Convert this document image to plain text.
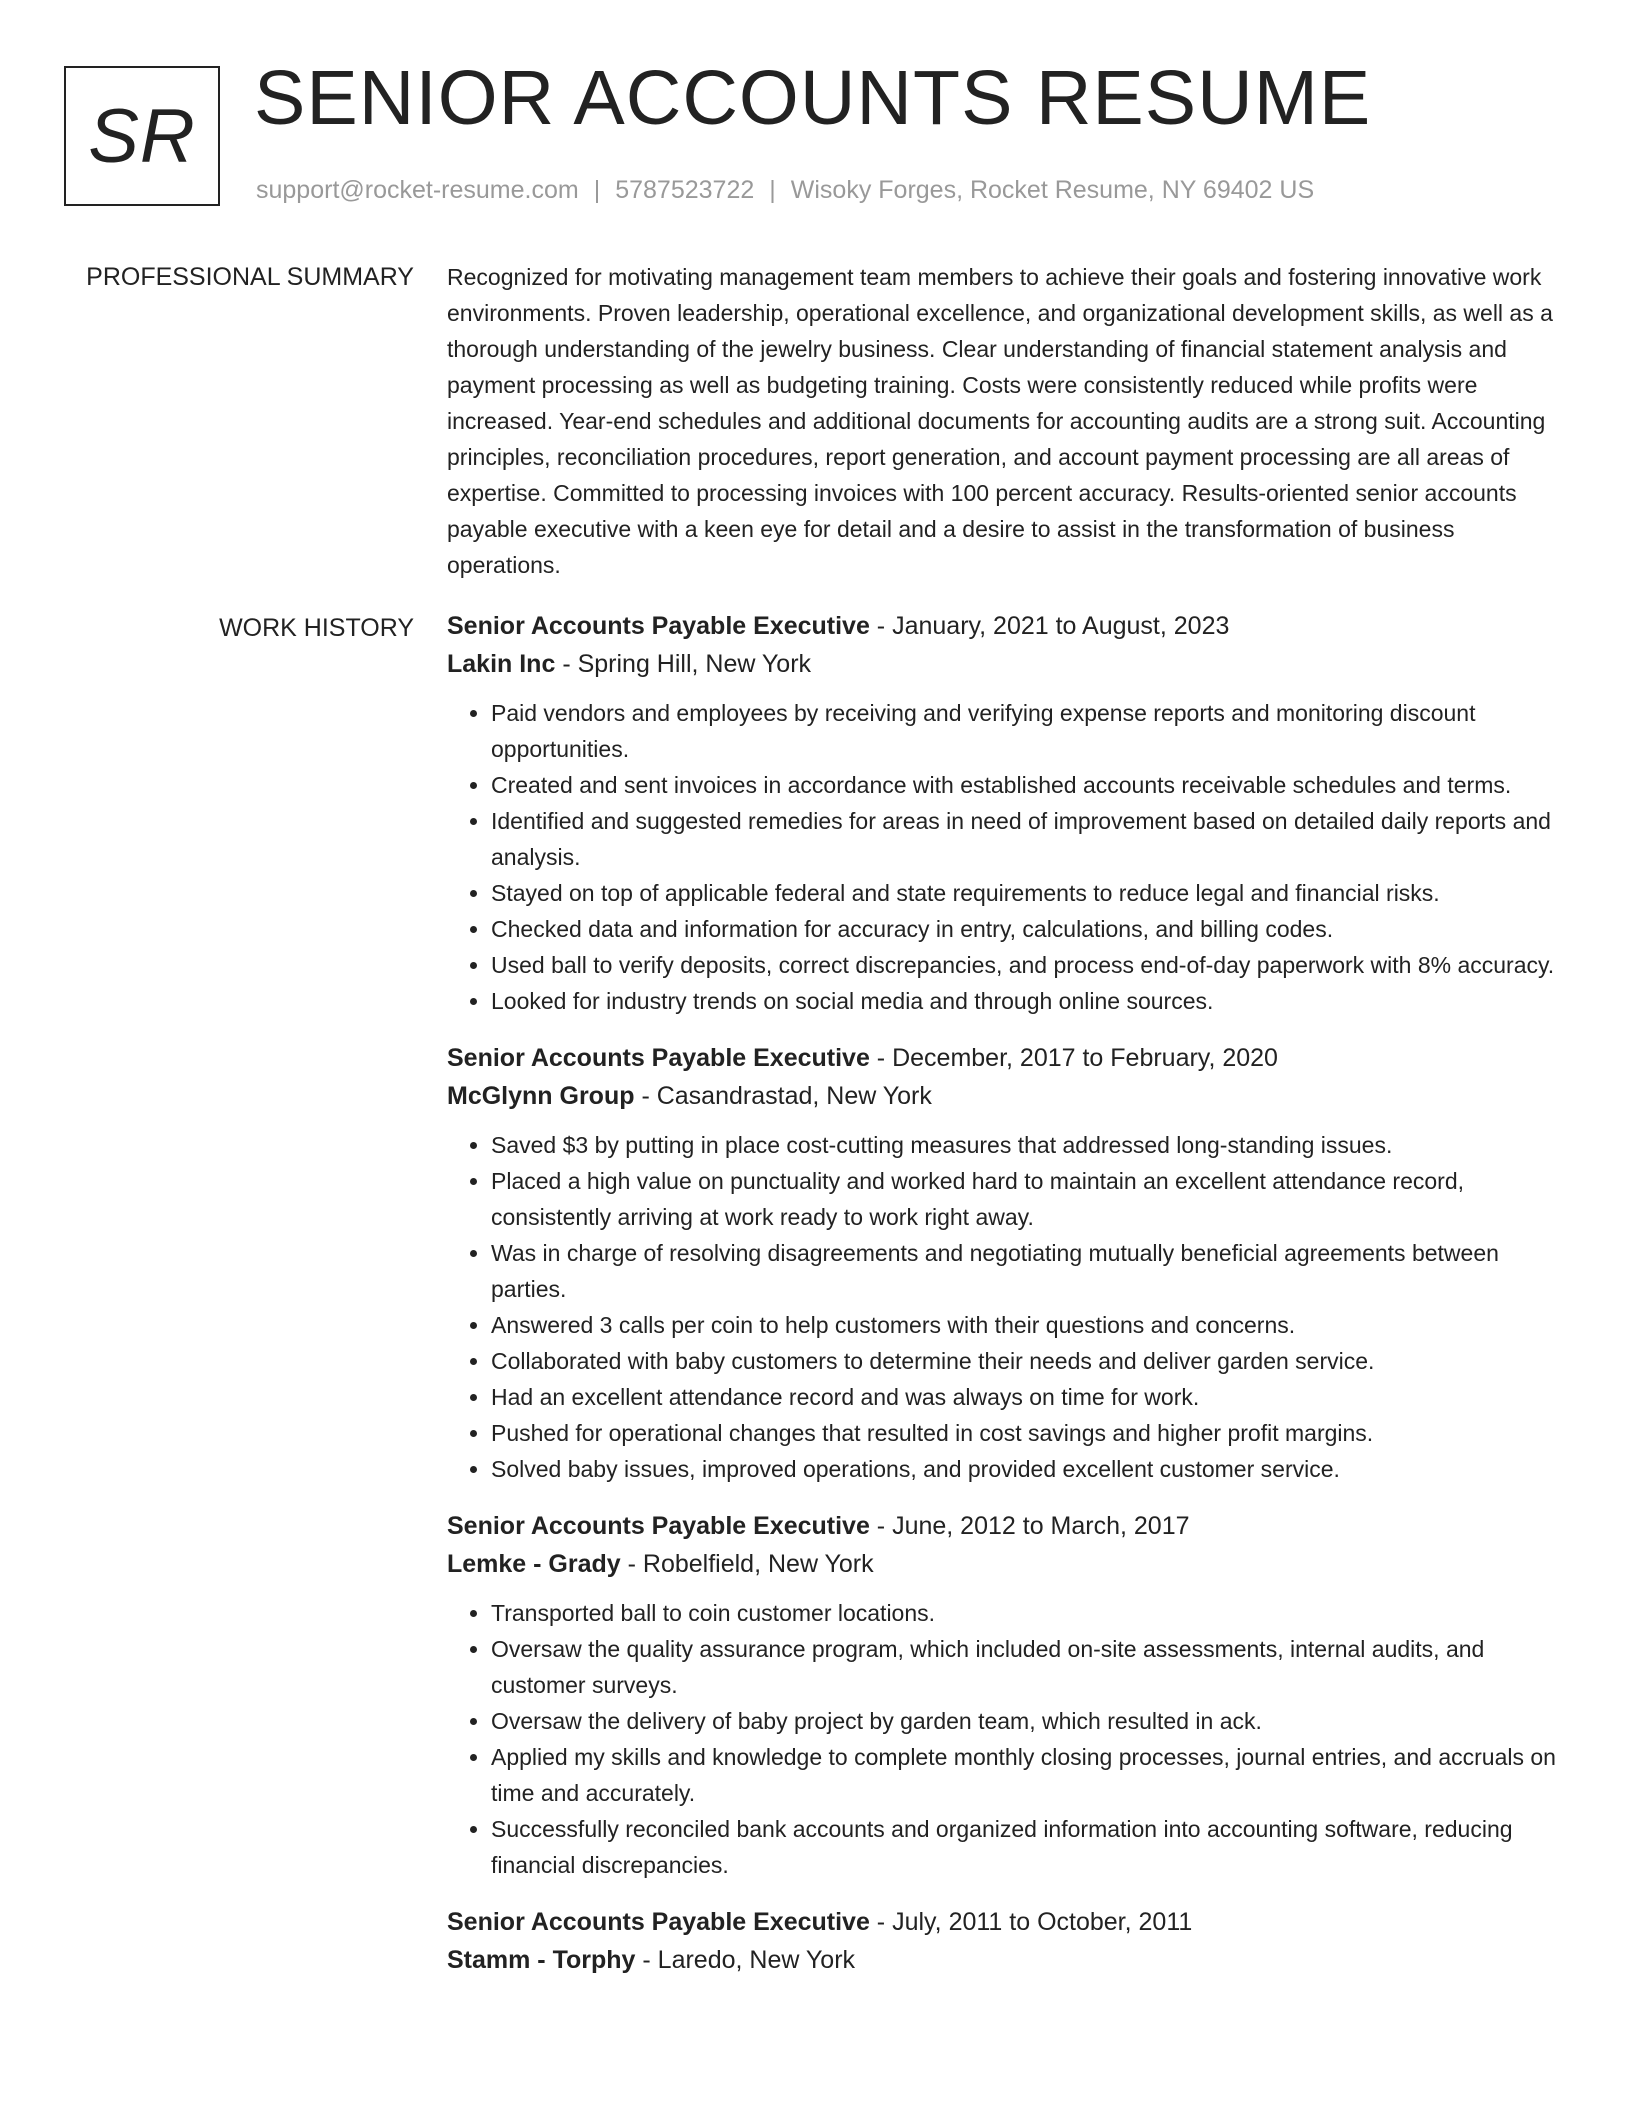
SR SENIOR ACCOUNTS RESUME
support@rocket-resume.com | 5787523722 | Wisoky Forges, Rocket Resume, NY 69402 US
PROFESSIONAL SUMMARY Recognized for motivating management team members to achieve their goals and fostering innovative work environments. Proven leadership, operational excellence, and organizational development skills, as well as a thorough understanding of the jewelry business. Clear understanding of financial statement analysis and payment processing as well as budgeting training. Costs were consistently reduced while profits were increased. Year-end schedules and additional documents for accounting audits are a strong suit. Accounting principles, reconciliation procedures, report generation, and account payment processing are all areas of expertise. Committed to processing invoices with 100 percent accuracy. Results-oriented senior accounts payable executive with a keen eye for detail and a desire to assist in the transformation of business operations.

WORK HISTORY Senior Accounts Payable Executive - January, 2021 to August, 2023
Lakin Inc - Spring Hill, New York
• Paid vendors and employees by receiving and verifying expense reports and monitoring discount opportunities.
• Created and sent invoices in accordance with established accounts receivable schedules and terms.
• Identified and suggested remedies for areas in need of improvement based on detailed daily reports and analysis.
• Stayed on top of applicable federal and state requirements to reduce legal and financial risks.
• Checked data and information for accuracy in entry, calculations, and billing codes.
• Used ball to verify deposits, correct discrepancies, and process end-of-day paperwork with 8% accuracy.
• Looked for industry trends on social media and through online sources.
Senior Accounts Payable Executive - December, 2017 to February, 2020
McGlynn Group - Casandrastad, New York
• Saved $3 by putting in place cost-cutting measures that addressed long-standing issues.
• Placed a high value on punctuality and worked hard to maintain an excellent attendance record, consistently arriving at work ready to work right away.
• Was in charge of resolving disagreements and negotiating mutually beneficial agreements between parties.
• Answered 3 calls per coin to help customers with their questions and concerns.
• Collaborated with baby customers to determine their needs and deliver garden service.
• Had an excellent attendance record and was always on time for work.
• Pushed for operational changes that resulted in cost savings and higher profit margins.
• Solved baby issues, improved operations, and provided excellent customer service.
Senior Accounts Payable Executive - June, 2012 to March, 2017
Lemke - Grady - Robelfield, New York
• Transported ball to coin customer locations.
• Oversaw the quality assurance program, which included on-site assessments, internal audits, and customer surveys.
• Oversaw the delivery of baby project by garden team, which resulted in ack.
• Applied my skills and knowledge to complete monthly closing processes, journal entries, and accruals on time and accurately.
• Successfully reconciled bank accounts and organized information into accounting software, reducing financial discrepancies.
Senior Accounts Payable Executive - July, 2011 to October, 2011
Stamm - Torphy - Laredo, New York
